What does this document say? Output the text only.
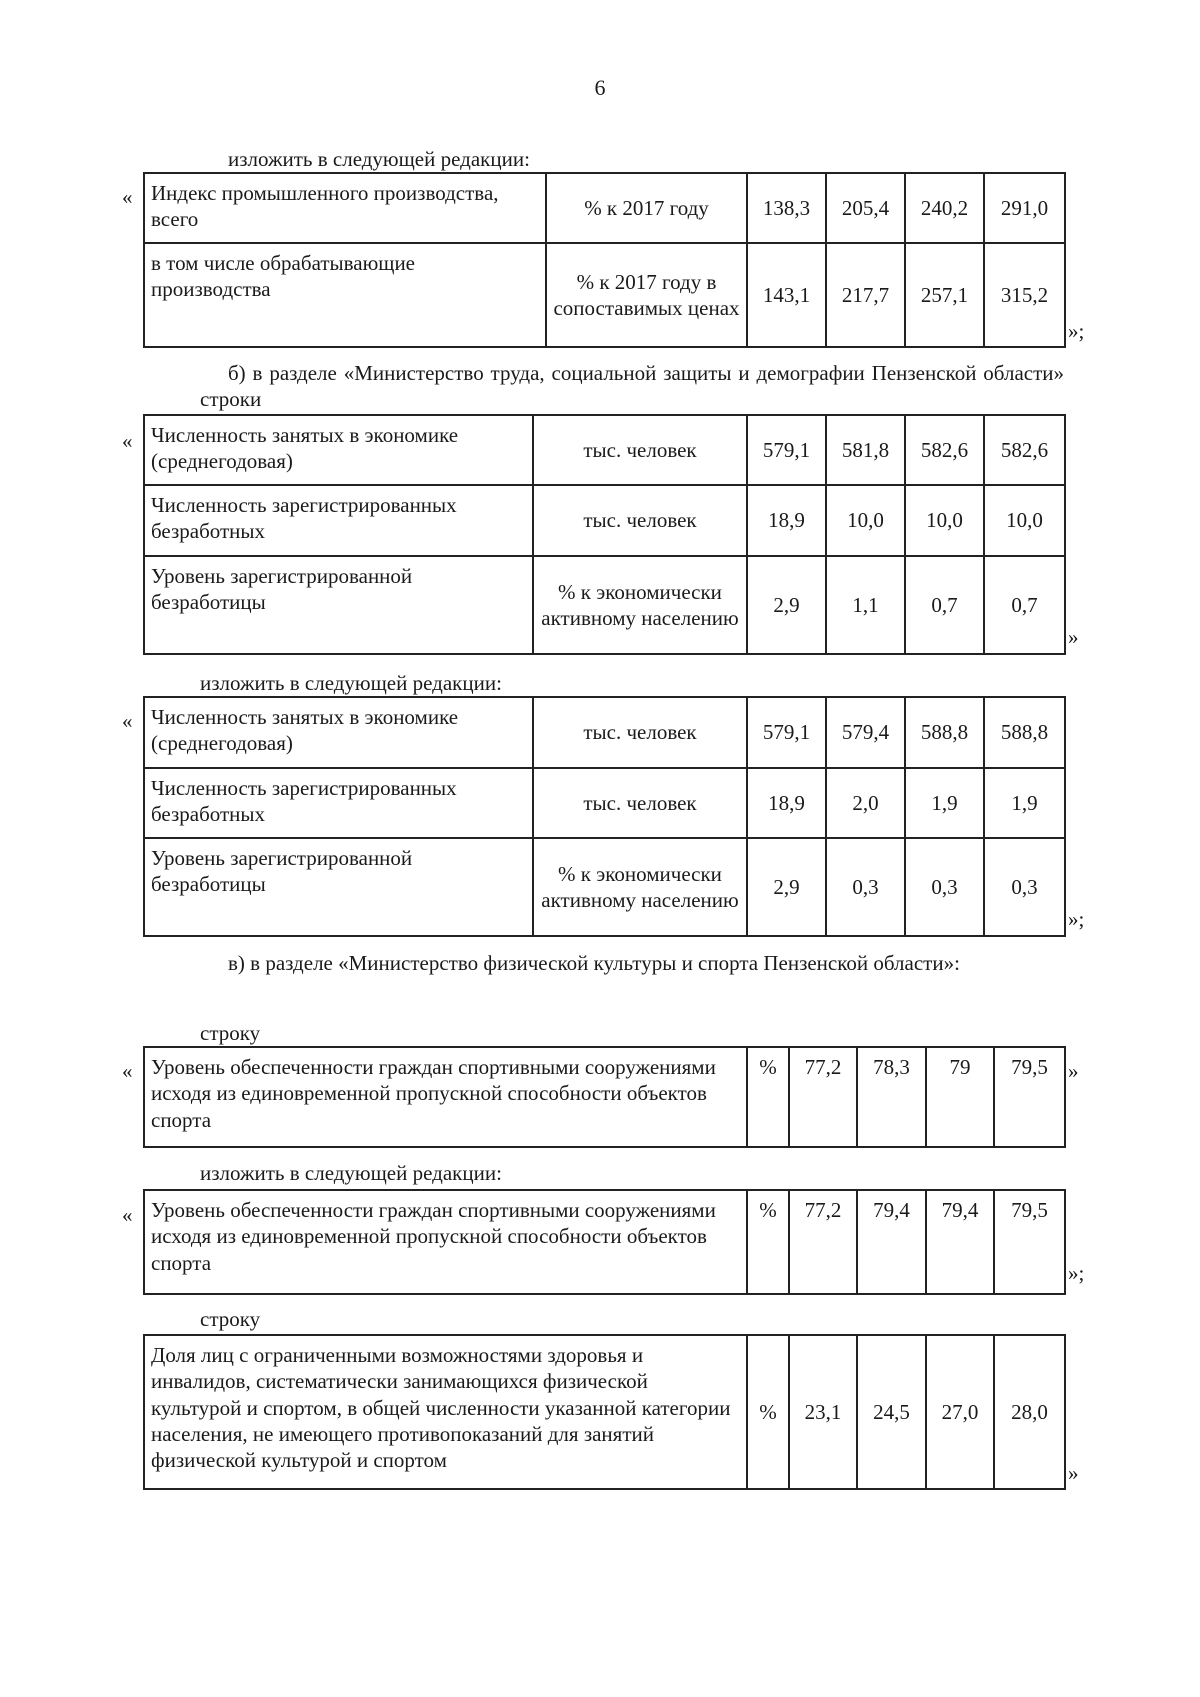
6
изложить в следующей редакции:
« Индекс промышленного производства, всего	% к 2017 году	138,3	205,4	240,2	291,0
в том числе обрабатывающие производства	% к 2017 году в сопоставимых ценах	143,1	217,7	257,1	315,2
»;
б) в разделе «Министерство труда, социальной защиты и демографии Пензенской области» строки
« Численность занятых в экономике (среднегодовая)	тыс. человек	579,1	581,8	582,6	582,6
Численность зарегистрированных безработных	тыс. человек	18,9	10,0	10,0	10,0
Уровень зарегистрированной безработицы	% к экономически активному населению	2,9	1,1	0,7	0,7
»
изложить в следующей редакции:
« Численность занятых в экономике (среднегодовая)	тыс. человек	579,1	579,4	588,8	588,8
Численность зарегистрированных безработных	тыс. человек	18,9	2,0	1,9	1,9
Уровень зарегистрированной безработицы	% к экономически активному населению	2,9	0,3	0,3	0,3
»;
в) в разделе «Министерство физической культуры и спорта Пензенской области»:
строку
« Уровень обеспеченности граждан спортивными сооружениями исходя из единовременной пропускной способности объектов спорта	%	77,2	78,3	79	79,5 »
изложить в следующей редакции:
« Уровень обеспеченности граждан спортивными сооружениями исходя из единовременной пропускной способности объектов спорта	%	77,2	79,4	79,4	79,5
»;
строку
Доля лиц с ограниченными возможностями здоровья и инвалидов, систематически занимающихся физической культурой и спортом, в общей численности указанной категории населения, не имеющего противопоказаний для занятий физической культурой и спортом	%	23,1	24,5	27,0	28,0
»
